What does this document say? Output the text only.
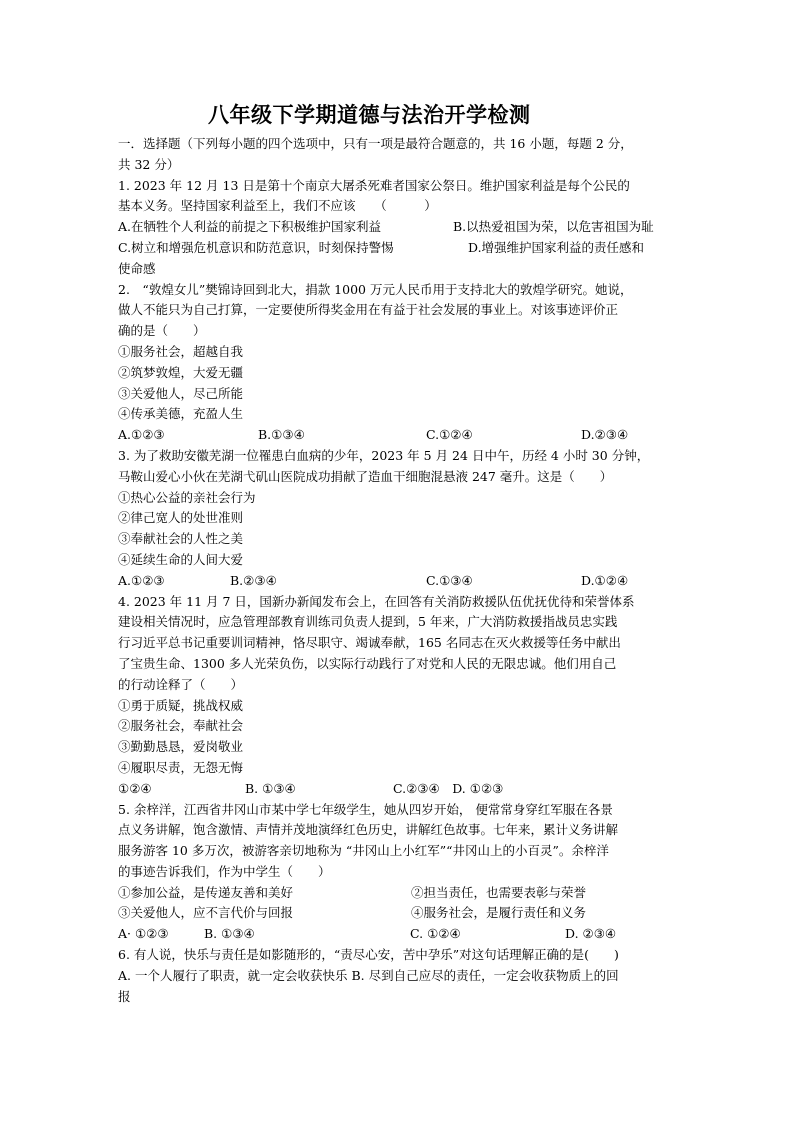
八年级下学期道德与法治开学检测
一．选择题（下列每小题的四个选项中，只有一项是最符合题意的，共 16 小题，每题 2 分，
共 32 分）
1. 2023 年 12 月 13 日是第十个南京大屠杀死难者国家公祭日。维护国家利益是每个公民的
基本义务。坚持国家利益至上，我们不应该　　（　　　）
A.在牺牲个人利益的前提之下积极维护国家利益	B.以热爱祖国为荣，以危害祖国为耻
C.树立和增强危机意识和防范意识，时刻保持警惕	D.增强维护国家利益的责任感和
使命感
2.　“敦煌女儿”樊锦诗回到北大，捐款 1000 万元人民币用于支持北大的敦煌学研究。她说，
做人不能只为自己打算，一定要使所得奖金用在有益于社会发展的事业上。对该事迹评价正
确的是（　　）
①服务社会，超越自我
②筑梦敦煌，大爱无疆
③关爱他人，尽己所能
④传承美德，充盈人生
A.①②③	B.①③④	C.①②④	D.②③④
3. 为了救助安徽芜湖一位罹患白血病的少年，2023 年 5 月 24 日中午，历经 4 小时 30 分钟，
马鞍山爱心小伙在芜湖弋矶山医院成功捐献了造血干细胞混悬液 247 毫升。这是（　　）
①热心公益的亲社会行为
②律己宽人的处世准则
③奉献社会的人性之美
④延续生命的人间大爱
A.①②③	B.②③④	C.①③④	D.①②④
4. 2023 年 11 月 7 日，国新办新闻发布会上，在回答有关消防救援队伍优抚优待和荣誉体系
建设相关情况时，应急管理部教育训练司负责人提到，5 年来，广大消防救援指战员忠实践
行习近平总书记重要训词精神，恪尽职守、竭诚奉献，165 名同志在灭火救援等任务中献出
了宝贵生命、1300 多人光荣负伤，以实际行动践行了对党和人民的无限忠诚。他们用自己
的行动诠释了（　　）
①勇于质疑，挑战权威
②服务社会，奉献社会
③勤勤恳恳，爱岗敬业
④履职尽责，无怨无悔
①②④	B. ①③④	C.②③④　D. ①②③
5. 余梓洋，江西省井冈山市某中学七年级学生，她从四岁开始， 便常常身穿红军服在各景
点义务讲解，饱含激情、声情并茂地演绎红色历史，讲解红色故事。七年来，累计义务讲解
服务游客 10 多万次，被游客亲切地称为 “井冈山上小红军”“井冈山上的小百灵”。余梓洋
的事迹告诉我们，作为中学生（　　）
①参加公益，是传递友善和美好	②担当责任，也需要表彰与荣誉
③关爱他人，应不言代价与回报	④服务社会，是履行责任和义务
A· ①②③	B. ①③④	C. ①②④	D. ②③④
6. 有人说，快乐与责任是如影随形的，“责尽心安，苦中孕乐”对这句话理解正确的是(　　)
A. 一个人履行了职责，就一定会收获快乐 B. 尽到自己应尽的责任，一定会收获物质上的回
报
